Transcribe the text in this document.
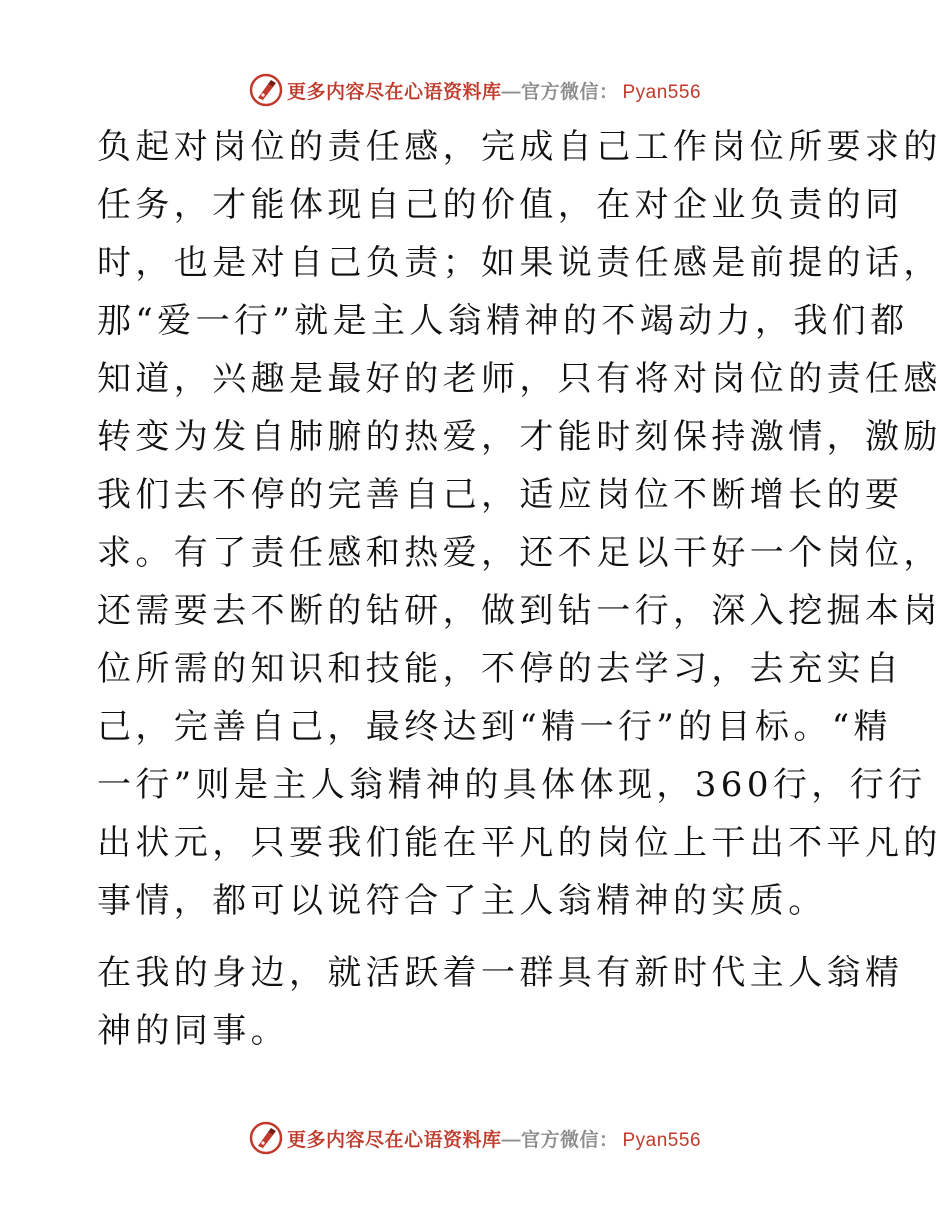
更多内容尽在心语资料库—官方微信： Pyan556
负起对岗位的责任感，完成自己工作岗位所要求的
任务，才能体现自己的价值，在对企业负责的同
时，也是对自己负责；如果说责任感是前提的话，
那“爱一行”就是主人翁精神的不竭动力，我们都
知道，兴趣是最好的老师，只有将对岗位的责任感
转变为发自肺腑的热爱，才能时刻保持激情，激励
我们去不停的完善自己，适应岗位不断增长的要
求。有了责任感和热爱，还不足以干好一个岗位，
还需要去不断的钻研，做到钻一行，深入挖掘本岗
位所需的知识和技能，不停的去学习，去充实自
己，完善自己，最终达到“精一行”的目标。“精
一行”则是主人翁精神的具体体现，360行，行行
出状元，只要我们能在平凡的岗位上干出不平凡的
事情，都可以说符合了主人翁精神的实质。
在我的身边，就活跃着一群具有新时代主人翁精
神的同事。
更多内容尽在心语资料库—官方微信： Pyan556
